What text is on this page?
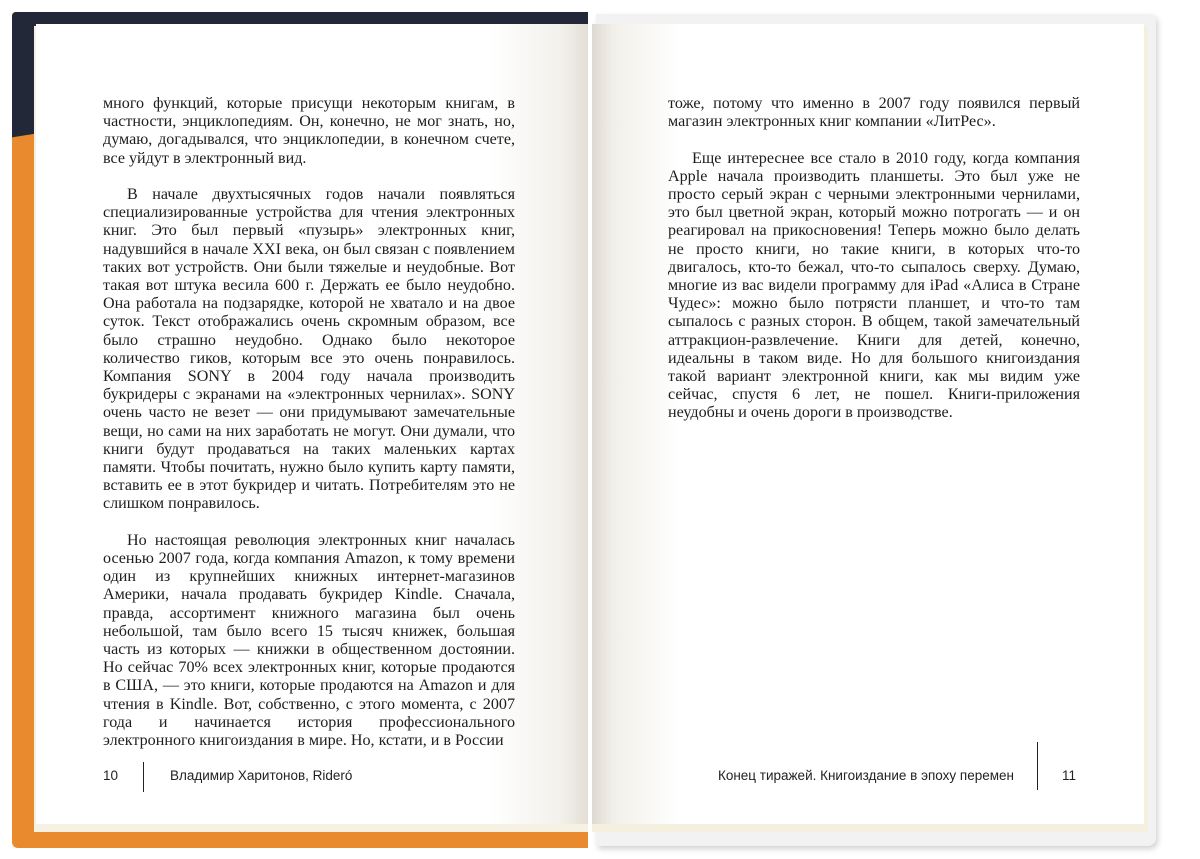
много функций, которые присущи некоторым книгам, в частности, энциклопедиям. Он, конечно, не мог знать, но, думаю, догадывался, что энциклопедии, в конечном счете, все уйдут в электронный вид.

В начале двухтысячных годов начали появляться специализированные устройства для чтения электронных книг. Это был первый «пузырь» электронных книг, надувшийся в начале XXI века, он был связан с появлением таких вот устройств. Они были тяжелые и неудобные. Вот такая вот штука весила 600 г. Держать ее было неудобно. Она работала на подзарядке, которой не хватало и на двое суток. Текст отображались очень скромным образом, все было страшно неудобно. Однако было некоторое количество гиков, которым все это очень понравилось. Компания SONY в 2004 году начала производить букридеры с экранами на «электронных чернилах». SONY очень часто не везет — они придумывают замечательные вещи, но сами на них заработать не могут. Они думали, что книги будут продаваться на таких маленьких картах памяти. Чтобы почитать, нужно было купить карту памяти, вставить ее в этот букридер и читать. Потребителям это не слишком понравилось.

Но настоящая революция электронных книг началась осенью 2007 года, когда компания Amazon, к тому времени один из крупнейших книжных интернет-магазинов Америки, начала продавать букридер Kindle. Сначала, правда, ассортимент книжного магазина был очень небольшой, там было всего 15 тысяч книжек, большая часть из которых — книжки в общественном достоянии. Но сейчас 70% всех электронных книг, которые продаются в США, — это книги, которые продаются на Amazon и для чтения в Kindle. Вот, собственно, с этого момента, с 2007 года и начинается история профессионального электронного книгоиздания в мире. Но, кстати, и в России

10	Владимир Харитонов, Rideró

тоже, потому что именно в 2007 году появился первый магазин электронных книг компании «ЛитРес».

Еще интереснее все стало в 2010 году, когда компания Apple начала производить планшеты. Это был уже не просто серый экран с черными электронными чернилами, это был цветной экран, который можно потрогать — и он реагировал на прикосновения! Теперь можно было делать не просто книги, но такие книги, в которых что-то двигалось, кто-то бежал, что-то сыпалось сверху. Думаю, многие из вас видели программу для iPad «Алиса в Стране Чудес»: можно было потрясти планшет, и что-то там сыпалось с разных сторон. В общем, такой замечательный аттракцион-развлечение. Книги для детей, конечно, идеальны в таком виде. Но для большого книгоиздания такой вариант электронной книги, как мы видим уже сейчас, спустя 6 лет, не пошел. Книги-приложения неудобны и очень дороги в производстве.

Конец тиражей. Книгоиздание в эпоху перемен	11
